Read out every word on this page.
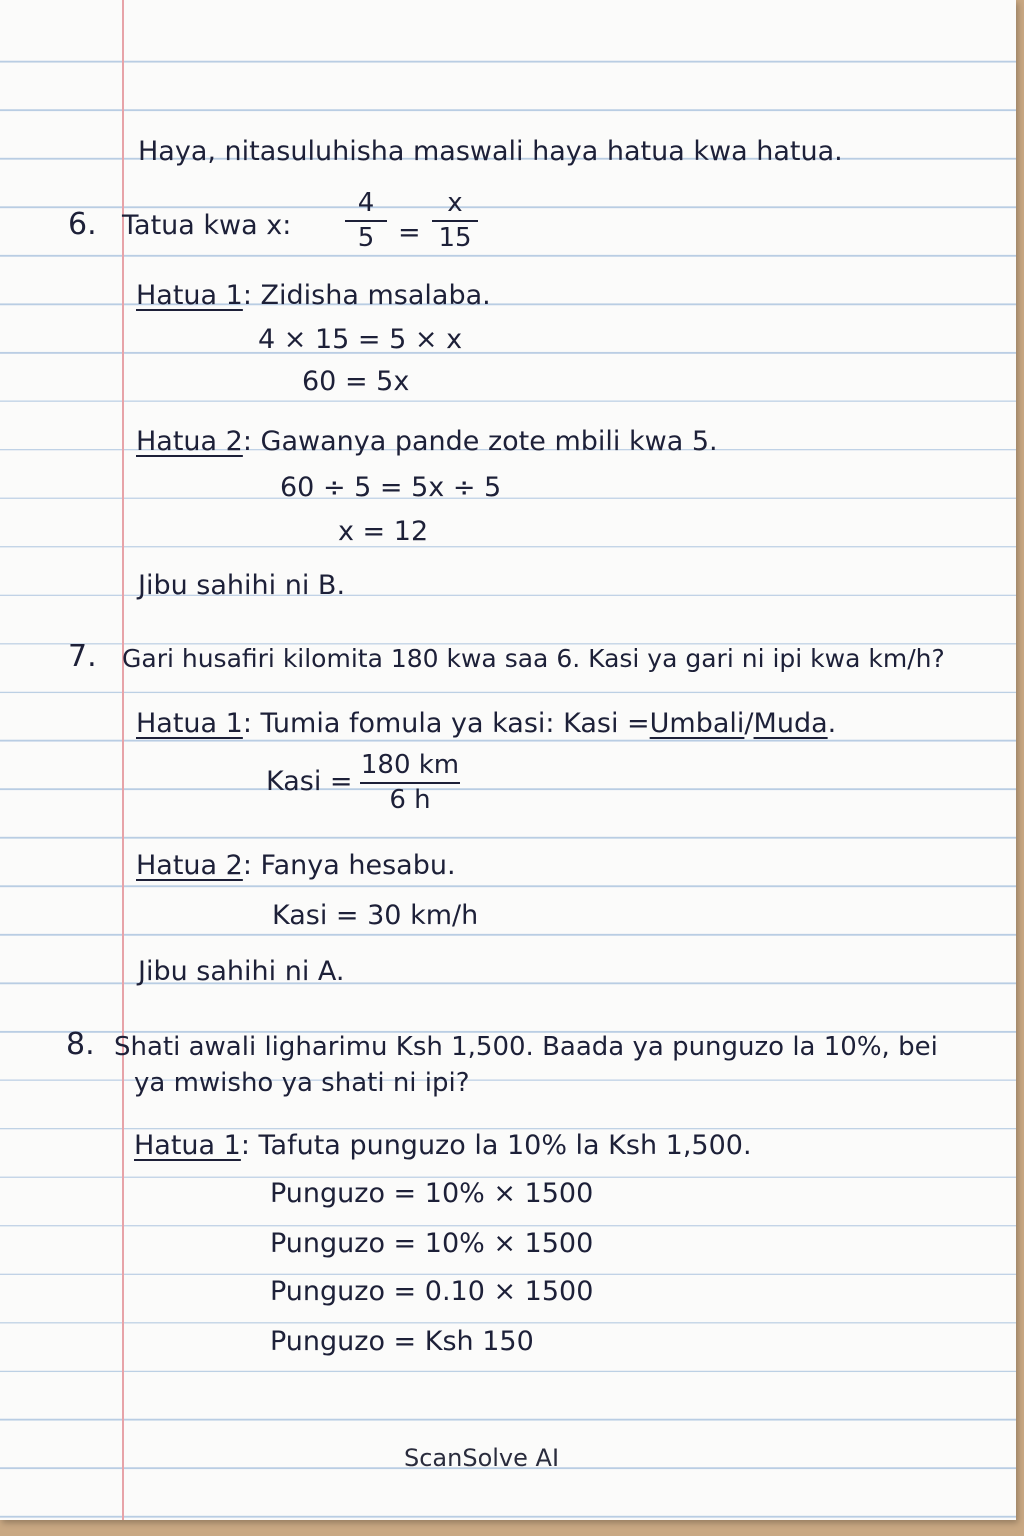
Haya, nitasuluhisha maswali haya hatua kwa hatua.
6. Tatua kwa x:
4
5 =
x
15
Hatua 1: Zidisha msalaba.
4 × 15 = 5 × x
60 = 5x
Hatua 2: Gawanya pande zote mbili kwa 5.
60 ÷ 5 = 5x ÷ 5
x = 12
Jibu sahihi ni B.
7. Gari husafiri kilomita 180 kwa saa 6. Kasi ya gari ni ipi kwa km/h?
Hatua 1: Tumia fomula ya kasi: Kasi =Umbali/Muda.
Kasi =
180 km
6 h
Hatua 2: Fanya hesabu.
Kasi = 30 km/h
Jibu sahihi ni A.
8. Shati awali ligharimu Ksh 1,500. Baada ya punguzo la 10%, bei
ya mwisho ya shati ni ipi?
Hatua 1: Tafuta punguzo la 10% la Ksh 1,500.
Punguzo = 10% × 1500
Punguzo = 10% × 1500
Punguzo = 0.10 × 1500
Punguzo = Ksh 150
ScanSolve AI
